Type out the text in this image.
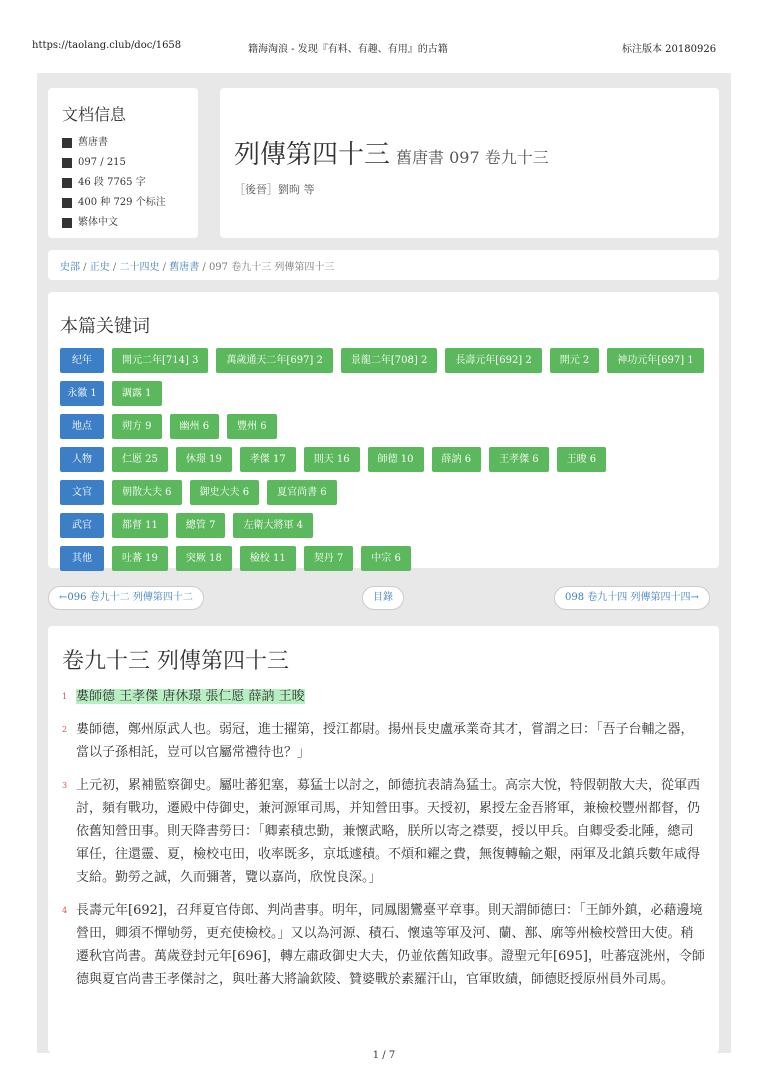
https://taolang.club/doc/1658	籍海淘浪 - 发现『有料、有趣、有用』的古籍	标注版本 20180926
文档信息
舊唐書
097 / 215
46 段 7765 字
400 种 729 个标注
繁体中文
列傳第四十三 舊唐書 097 卷九十三
［後晉］劉昫 等
史部 / 正史 / 二十四史 / 舊唐書 / 097 卷九十三 列傳第四十三
本篇关键词
纪年	開元二年[714] 3	萬歲通天二年[697] 2	景龍二年[708] 2	長壽元年[692] 2	開元 2	神功元年[697] 1
永徽 1	調露 1
地点	朔方 9	幽州 6	豐州 6
人物	仁愿 25	休璟 19	孝傑 17	則天 16	師德 10	薛訥 6	王孝傑 6	王晙 6
文官	朝散大夫 6	御史大夫 6	夏官尚書 6
武官	都督 11	總管 7	左衛大將軍 4
其他	吐蕃 19	突厥 18	檢校 11	契丹 7	中宗 6
←096 卷九十二 列傳第四十二	目錄	098 卷九十四 列傳第四十四→
卷九十三 列傳第四十三
1 婁師德 王孝傑 唐休璟 張仁愿 薛訥 王晙
2 婁師德，鄭州原武人也。弱冠，進士擢第，授江都尉。揚州長史盧承業奇其才，嘗謂之曰：「吾子台輔之器，當以子孫相託，豈可以官屬常禮待也？」
3 上元初，累補監察御史。屬吐蕃犯塞，募猛士以討之，師德抗表請為猛士。高宗大悅，特假朝散大夫，從軍西討，頻有戰功，遷殿中侍御史，兼河源軍司馬，并知營田事。天授初，累授左金吾將軍，兼檢校豐州都督，仍依舊知營田事。則天降書勞曰：「卿素積忠勤，兼懷武略，朕所以寄之襟要，授以甲兵。自卿受委北陲，總司軍任，往還靈、夏，檢校屯田，收率既多，京坻遽積。不煩和糴之費，無復轉輸之艱，兩軍及北鎮兵數年咸得支給。勤勞之誠，久而彌著，覽以嘉尚，欣悅良深。」
4 長壽元年[692]，召拜夏官侍郎、判尚書事。明年，同鳳閣鸞臺平章事。則天謂師德曰：「王師外鎮，必藉邊境營田，卿須不憚劬勞，更充使檢校。」又以為河源、積石、懷遠等軍及河、蘭、鄯、廓等州檢校營田大使。稍遷秋官尚書。萬歲登封元年[696]，轉左肅政御史大夫，仍並依舊知政事。證聖元年[695]，吐蕃寇洮州，令師德與夏官尚書王孝傑討之，與吐蕃大將論欽陵、贊婆戰於素羅汗山，官軍敗績，師德貶授原州員外司馬。
1 / 7
